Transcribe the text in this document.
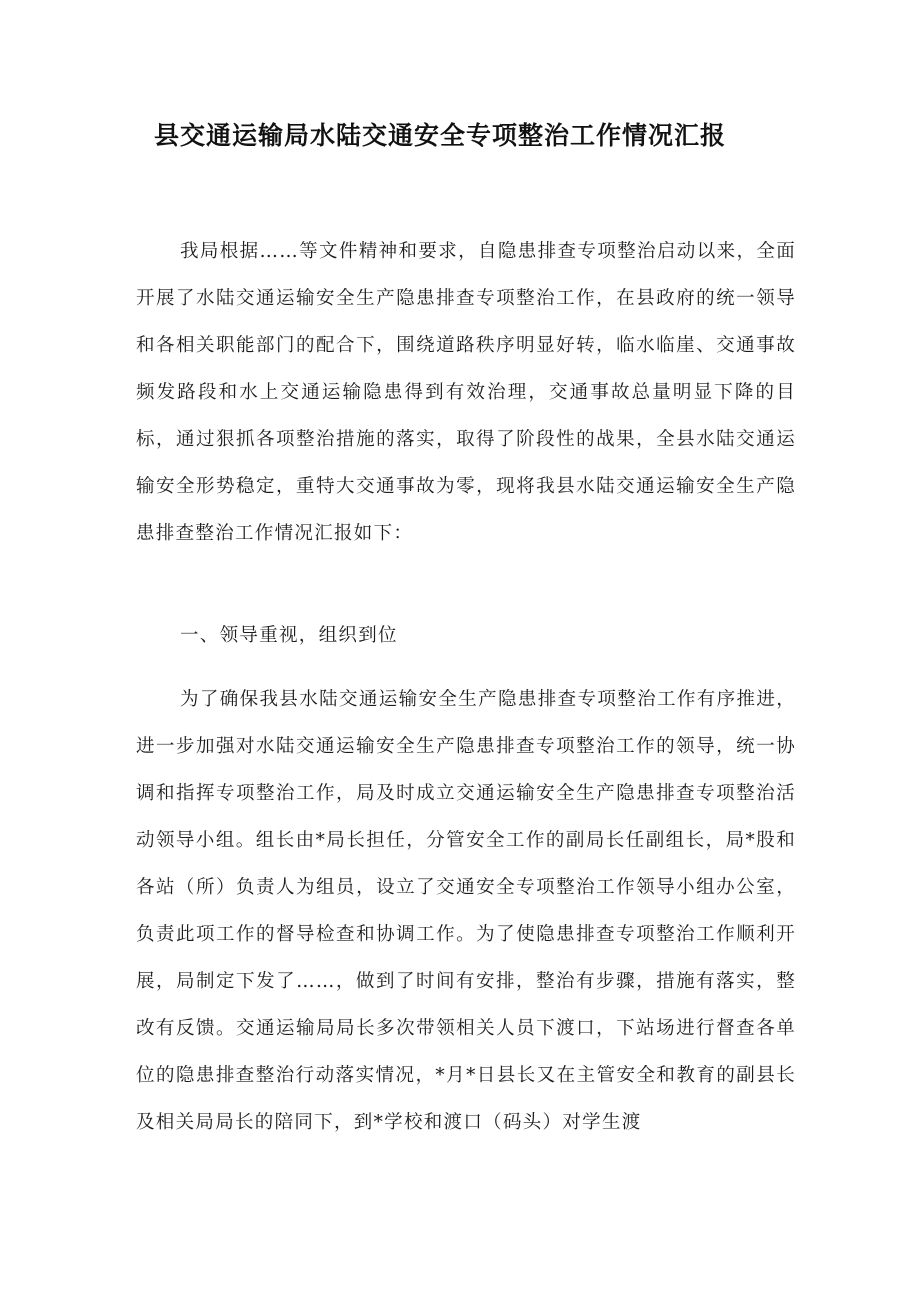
县交通运输局水陆交通安全专项整治工作情况汇报

我局根据……等文件精神和要求，自隐患排查专项整治启动以来，全面开展了水陆交通运输安全生产隐患排查专项整治工作，在县政府的统一领导和各相关职能部门的配合下，围绕道路秩序明显好转，临水临崖、交通事故频发路段和水上交通运输隐患得到有效治理，交通事故总量明显下降的目标，通过狠抓各项整治措施的落实，取得了阶段性的战果，全县水陆交通运输安全形势稳定，重特大交通事故为零，现将我县水陆交通运输安全生产隐患排查整治工作情况汇报如下：

一、领导重视，组织到位

为了确保我县水陆交通运输安全生产隐患排查专项整治工作有序推进，进一步加强对水陆交通运输安全生产隐患排查专项整治工作的领导，统一协调和指挥专项整治工作，局及时成立交通运输安全生产隐患排查专项整治活动领导小组。组长由*局长担任，分管安全工作的副局长任副组长，局*股和各站（所）负责人为组员，设立了交通安全专项整治工作领导小组办公室，负责此项工作的督导检查和协调工作。为了使隐患排查专项整治工作顺利开展，局制定下发了……，做到了时间有安排，整治有步骤，措施有落实，整改有反馈。交通运输局局长多次带领相关人员下渡口，下站场进行督查各单位的隐患排查整治行动落实情况，*月*日县长又在主管安全和教育的副县长及相关局局长的陪同下，到*学校和渡口（码头）对学生渡
